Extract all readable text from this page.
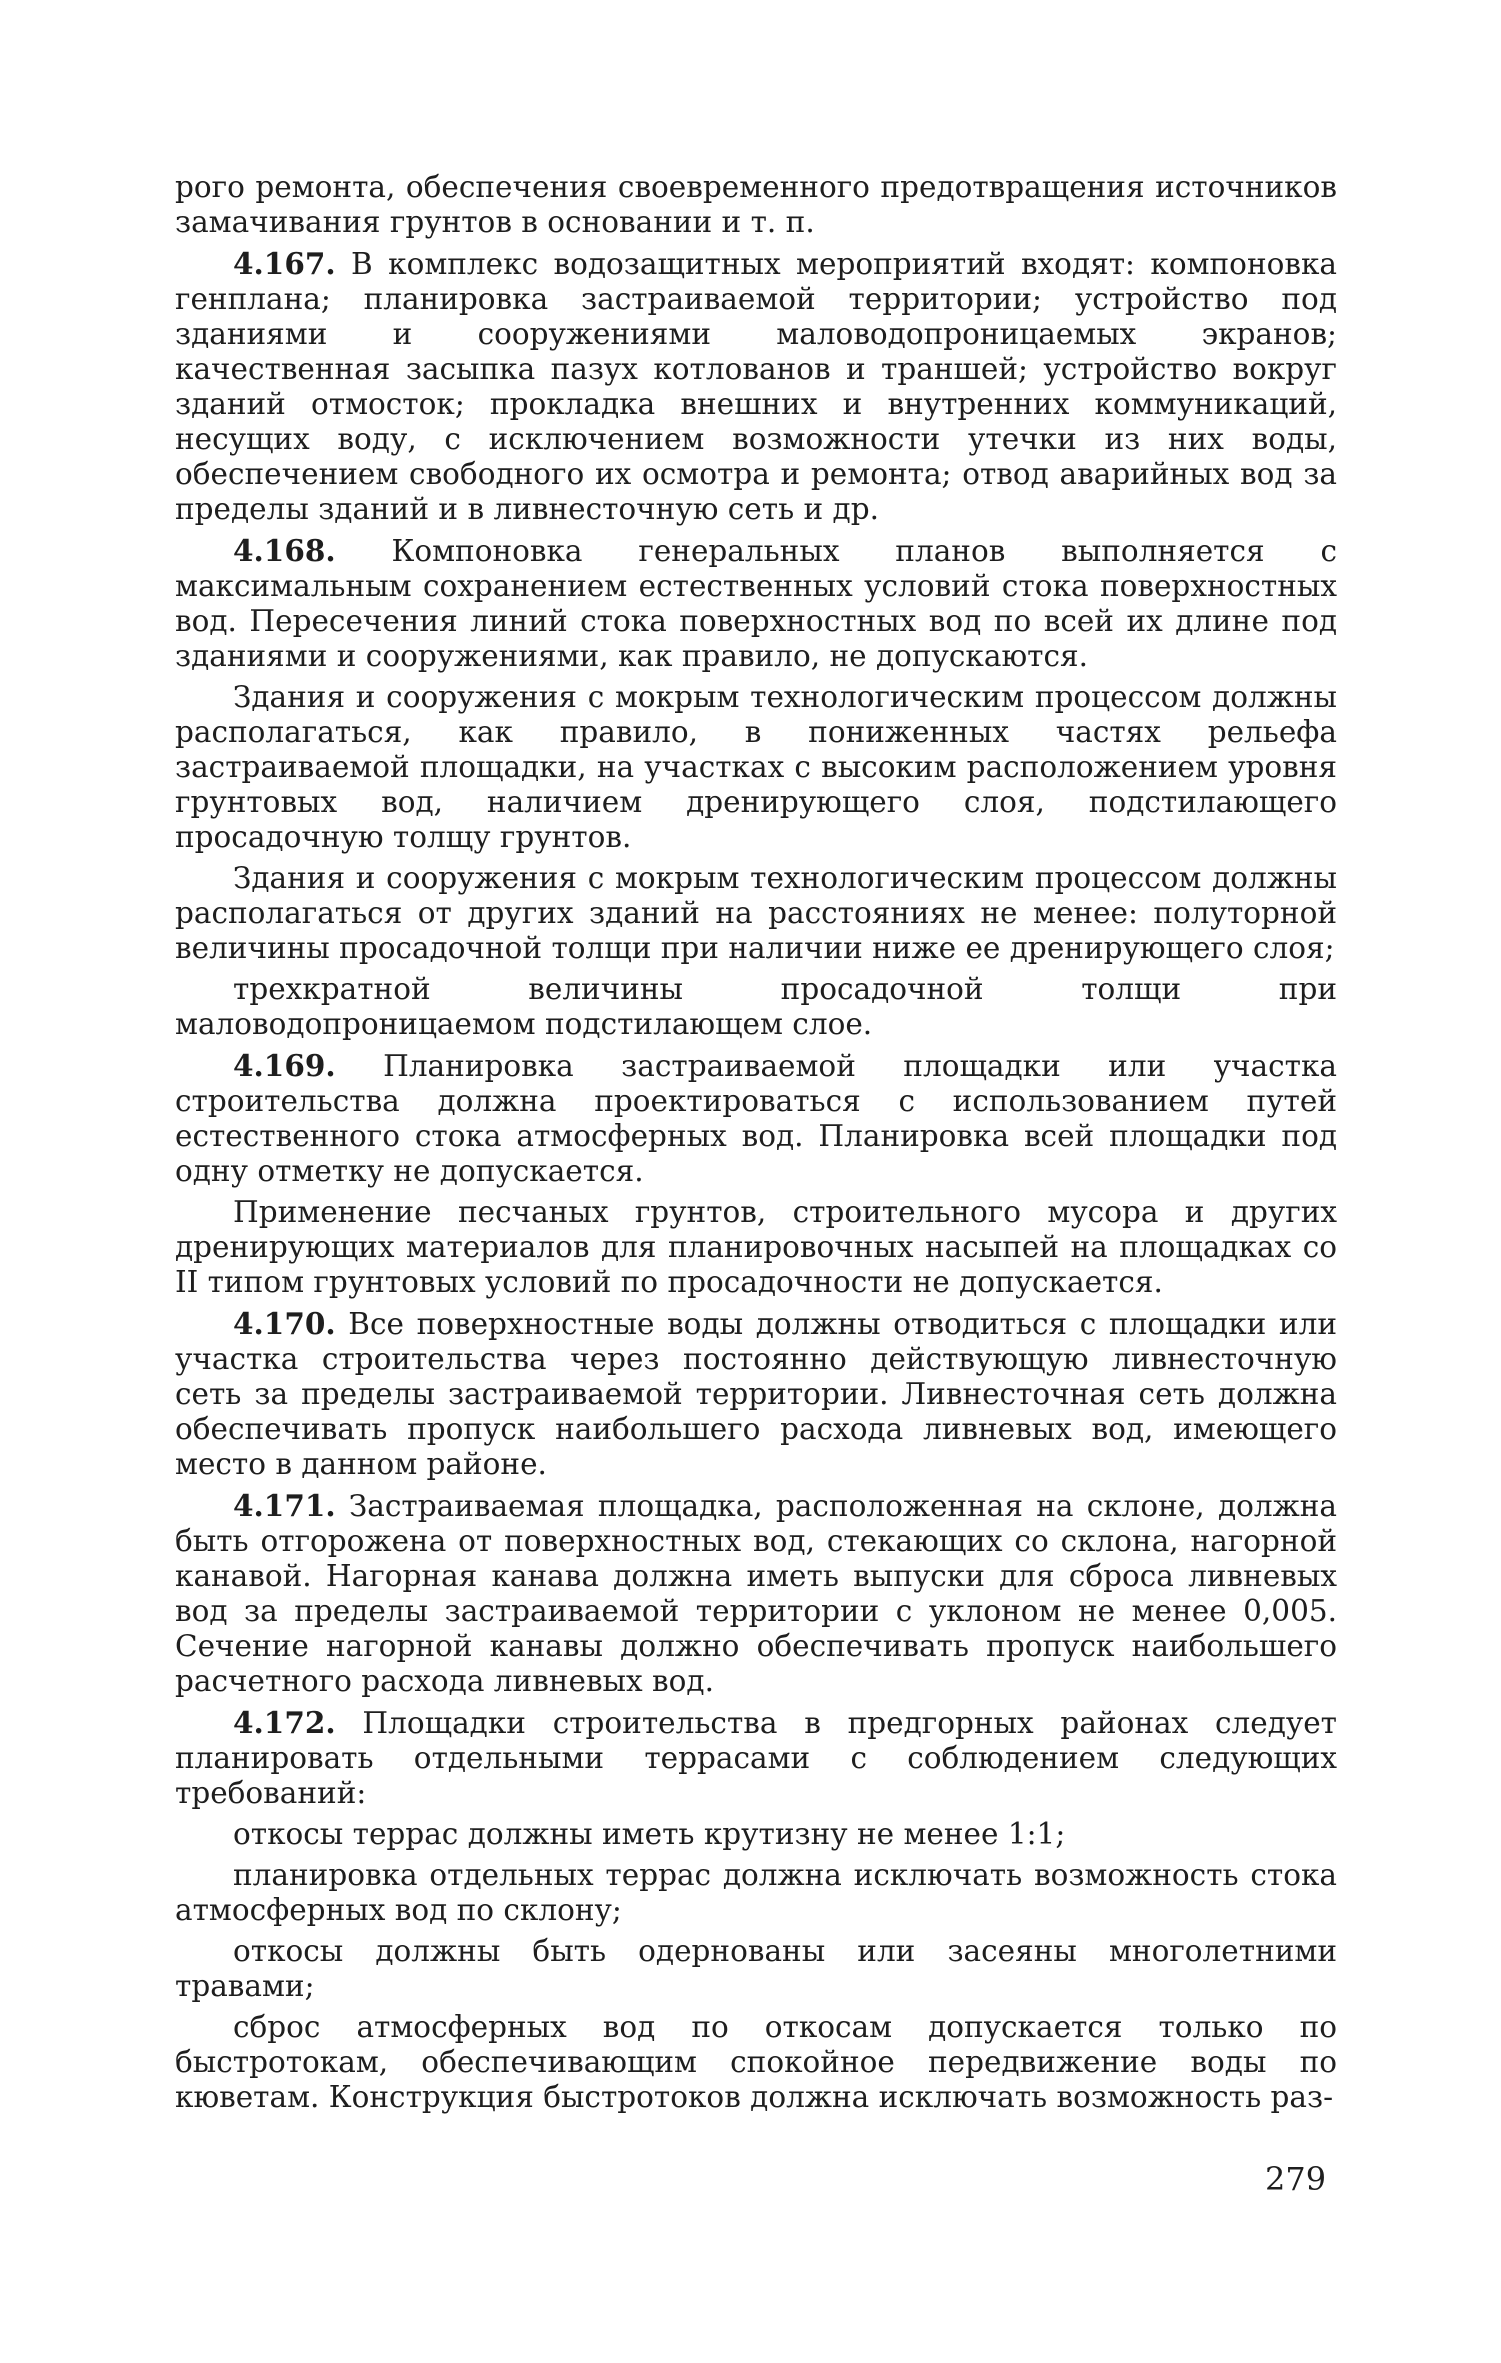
рого ремонта, обеспечения своевременного предотвращения источников замачивания грунтов в основании и т. п.

4.167. В комплекс водозащитных мероприятий входят: компоновка генплана; планировка застраиваемой территории; устройство под зданиями и сооружениями маловодопроницаемых экранов; качественная засыпка пазух котлованов и траншей; устройство вокруг зданий отмосток; прокладка внешних и внутренних коммуникаций, несущих воду, с исключением возможности утечки из них воды, обеспечением свободного их осмотра и ремонта; отвод аварийных вод за пределы зданий и в ливнесточную сеть и др.

4.168. Компоновка генеральных планов выполняется с максимальным сохранением естественных условий стока поверхностных вод. Пересечения линий стока поверхностных вод по всей их длине под зданиями и сооружениями, как правило, не допускаются.

Здания и сооружения с мокрым технологическим процессом должны располагаться, как правило, в пониженных частях рельефа застраиваемой площадки, на участках с высоким расположением уровня грунтовых вод, наличием дренирующего слоя, подстилающего просадочную толщу грунтов.

Здания и сооружения с мокрым технологическим процессом должны располагаться от других зданий на расстояниях не менее: полуторной величины просадочной толщи при наличии ниже ее дренирующего слоя;

трехкратной величины просадочной толщи при маловодопроницаемом подстилающем слое.

4.169. Планировка застраиваемой площадки или участка строительства должна проектироваться с использованием путей естественного стока атмосферных вод. Планировка всей площадки под одну отметку не допускается.

Применение песчаных грунтов, строительного мусора и других дренирующих материалов для планировочных насыпей на площадках со II типом грунтовых условий по просадочности не допускается.

4.170. Все поверхностные воды должны отводиться с площадки или участка строительства через постоянно действующую ливнесточную сеть за пределы застраиваемой территории. Ливнесточная сеть должна обеспечивать пропуск наибольшего расхода ливневых вод, имеющего место в данном районе.

4.171. Застраиваемая площадка, расположенная на склоне, должна быть отгорожена от поверхностных вод, стекающих со склона, нагорной канавой. Нагорная канава должна иметь выпуски для сброса ливневых вод за пределы застраиваемой территории с уклоном не менее 0,005. Сечение нагорной канавы должно обеспечивать пропуск наибольшего расчетного расхода ливневых вод.

4.172. Площадки строительства в предгорных районах следует планировать отдельными террасами с соблюдением следующих требований:

откосы террас должны иметь крутизну не менее 1:1;

планировка отдельных террас должна исключать возможность стока атмосферных вод по склону;

откосы должны быть одернованы или засеяны многолетними травами;

сброс атмосферных вод по откосам допускается только по быстротокам, обеспечивающим спокойное передвижение воды по кюветам. Конструкция быстротоков должна исключать возможность раз-

279
